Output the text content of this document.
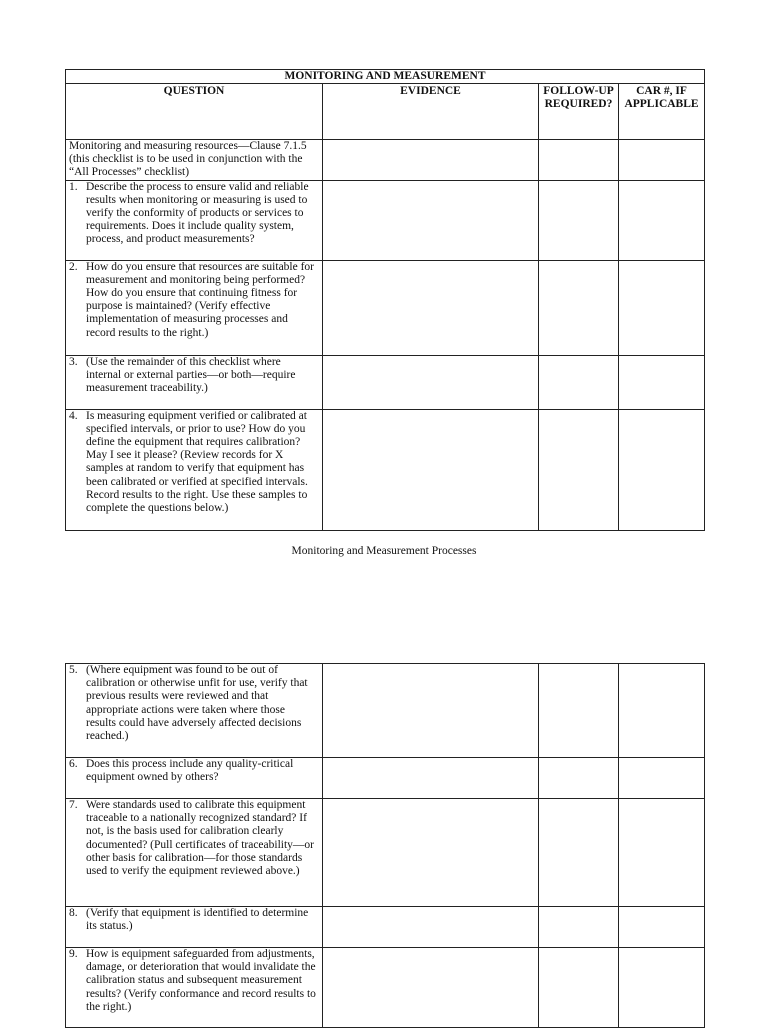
MONITORING AND MEASUREMENT			
QUESTION	EVIDENCE	FOLLOW-UP REQUIRED?	CAR #, IF APPLICABLE
Monitoring and measuring resources—Clause 7.1.5 (this checklist is to be used in conjunction with the “All Processes” checklist)			
1. Describe the process to ensure valid and reliable results when monitoring or measuring is used to verify the conformity of products or services to requirements. Does it include quality system, process, and product measurements?			
2. How do you ensure that resources are suitable for measurement and monitoring being performed? How do you ensure that continuing fitness for purpose is maintained? (Verify effective implementation of measuring processes and record results to the right.)			
3. (Use the remainder of this checklist where internal or external parties—or both—require measurement traceability.)			
4. Is measuring equipment verified or calibrated at specified intervals, or prior to use? How do you define the equipment that requires calibration? May I see it please? (Review records for X samples at random to verify that equipment has been calibrated or verified at specified intervals. Record results to the right. Use these samples to complete the questions below.)			
Monitoring and Measurement Processes
5. (Where equipment was found to be out of calibration or otherwise unfit for use, verify that previous results were reviewed and that appropriate actions were taken where those results could have adversely affected decisions reached.)			
6. Does this process include any quality-critical equipment owned by others?			
7. Were standards used to calibrate this equipment traceable to a nationally recognized standard? If not, is the basis used for calibration clearly documented? (Pull certificates of traceability—or other basis for calibration—for those standards used to verify the equipment reviewed above.)			
8. (Verify that equipment is identified to determine its status.)			
9. How is equipment safeguarded from adjustments, damage, or deterioration that would invalidate the calibration status and subsequent measurement results? (Verify conformance and record results to the right.)			
